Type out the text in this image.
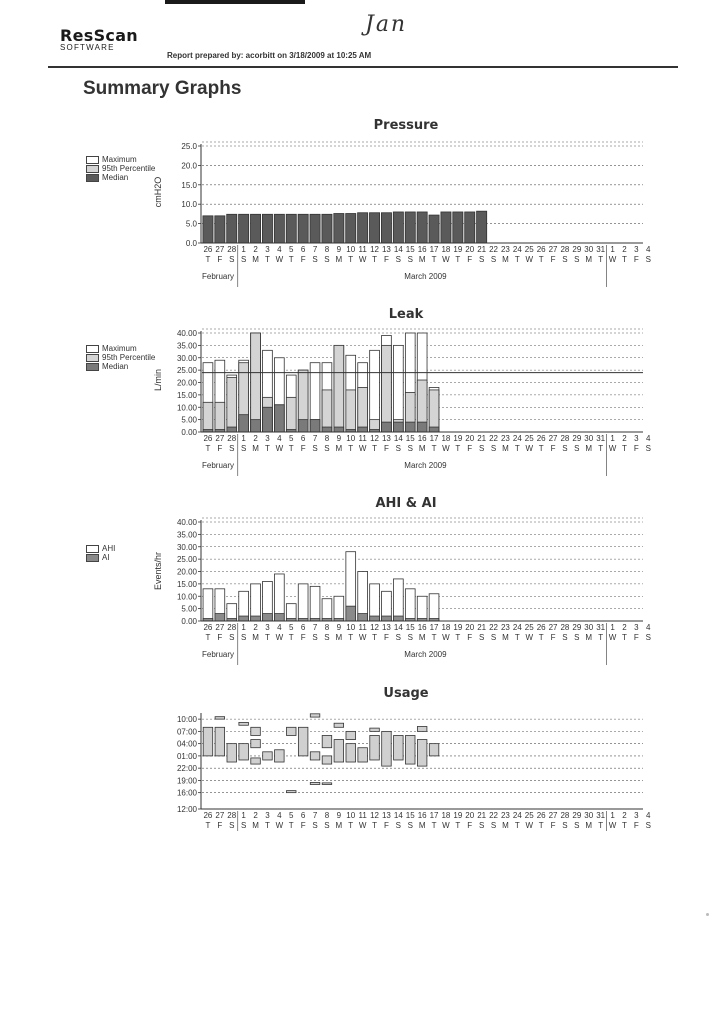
ResScan
SOFTWARE
Jan
Report prepared by: acorbitt on 3/18/2009 at 10:25 AM
Summary Graphs
Pressure
Maximum
95th Percentile
Median	cmH2O
0.0
5.0
10.0
15.0
20.0
25.0
26
T
27
F
28
S
1
S
2
M
3
T
4
W
5
T
6
F
7
S
8
S
9
M
10
T
11
W
12
T
13
F
14
S
15
S
16
M
17
T
18
W
19
T
20
F
21
S
22
S
23
M
24
T
25
W
26
T
27
F
28
S
29
S
30
M
31
T
1
W
2
T
3
F
4
S
February	March 2009
Leak
Maximum
95th Percentile
Median
L/min
0.00
5.00
10.00
15.00
20.00
25.00
30.00
35.00
40.00
26
T
27
F
28
S
1
S
2
M
3
T
4
W
5
T
6
F
7
S
8
S
9
M
10
T
11
W
12
T
13
F
14
S
15
S
16
M
17
T
18
W
19
T
20
F
21
S
22
S
23
M
24
T
25
W
26
T
27
F
28
S
29
S
30
M
31
T
1
W
2
T
3
F
4
S
February	March 2009
AHI & AI
AHI
AI	Events/hr
0.00
5.00
10.00
15.00
20.00
25.00
30.00
35.00
40.00
26
T
27
F
28
S
1
S
2
M
3
T
4
W
5
T
6
F
7
S
8
S
9
M
10
T
11
W
12
T
13
F
14
S
15
S
16
M
17
T
18
W
19
T
20
F
21
S
22
S
23
M
24
T
25
W
26
T
27
F
28
S
29
S
30
M
31
T
1
W
2
T
3
F
4
S
February	March 2009
Usage
12:00
16:00
19:00
22:00
01:00
04:00
07:00
10:00
26
T
27
F
28
S
1
S
2
M
3
T
4
W
5
T
6
F
7
S
8
S
9
M
10
T
11
W
12
T
13
F
14
S
15
S
16
M
17
T
18
W
19
T
20
F
21
S
22
S
23
M
24
T
25
W
26
T
27
F
28
S
29
S
30
M
31
T
1
W
2
T
3
F
4
S
